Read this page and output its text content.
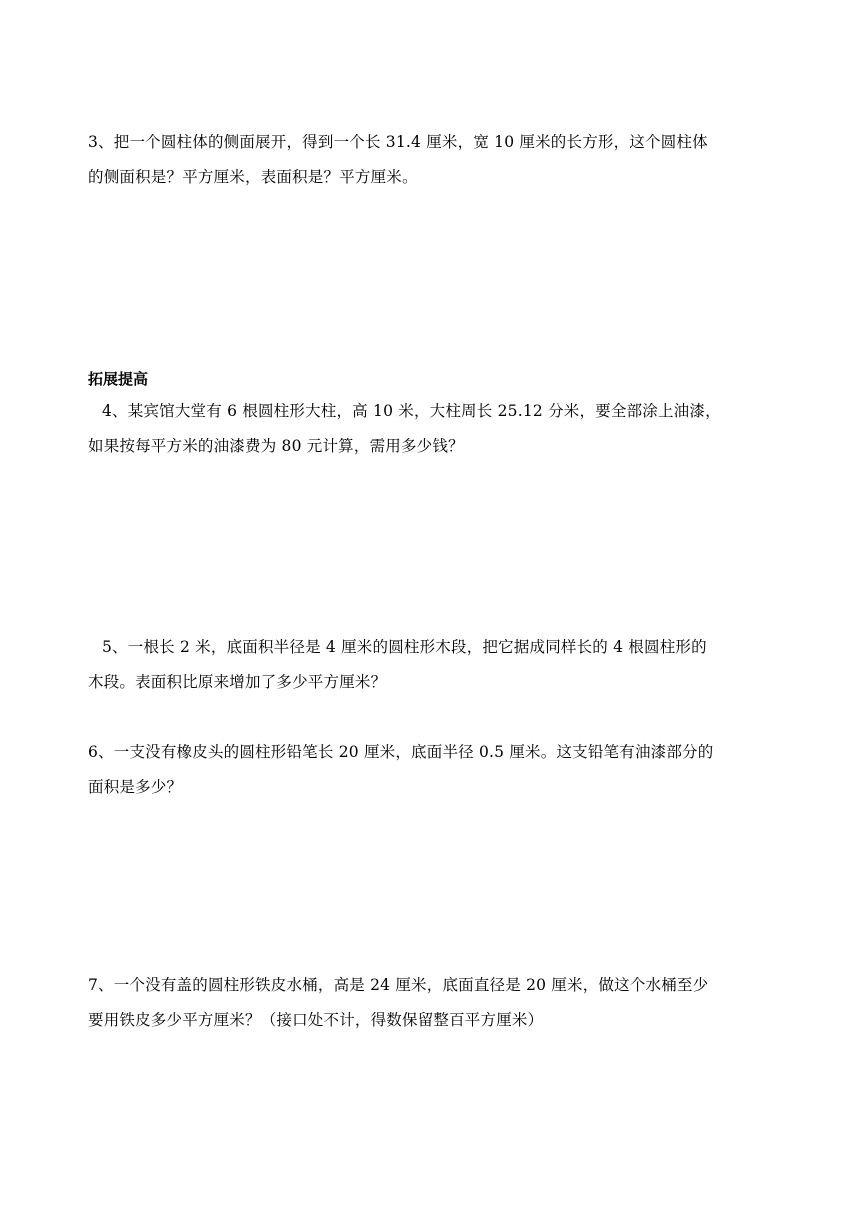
3、把一个圆柱体的侧面展开，得到一个长 31.4 厘米，宽 10 厘米的长方形，这个圆柱体
的侧面积是？平方厘米，表面积是？平方厘米。
拓展提高
4、某宾馆大堂有 6 根圆柱形大柱，高 10 米，大柱周长 25.12 分米，要全部涂上油漆，
如果按每平方米的油漆费为 80 元计算，需用多少钱？
5、一根长 2 米，底面积半径是 4 厘米的圆柱形木段，把它据成同样长的 4 根圆柱形的
木段。表面积比原来增加了多少平方厘米？
6、一支没有橡皮头的圆柱形铅笔长 20 厘米，底面半径 0.5 厘米。这支铅笔有油漆部分的
面积是多少？
7、一个没有盖的圆柱形铁皮水桶，高是 24 厘米，底面直径是 20 厘米，做这个水桶至少
要用铁皮多少平方厘米？（接口处不计，得数保留整百平方厘米）
